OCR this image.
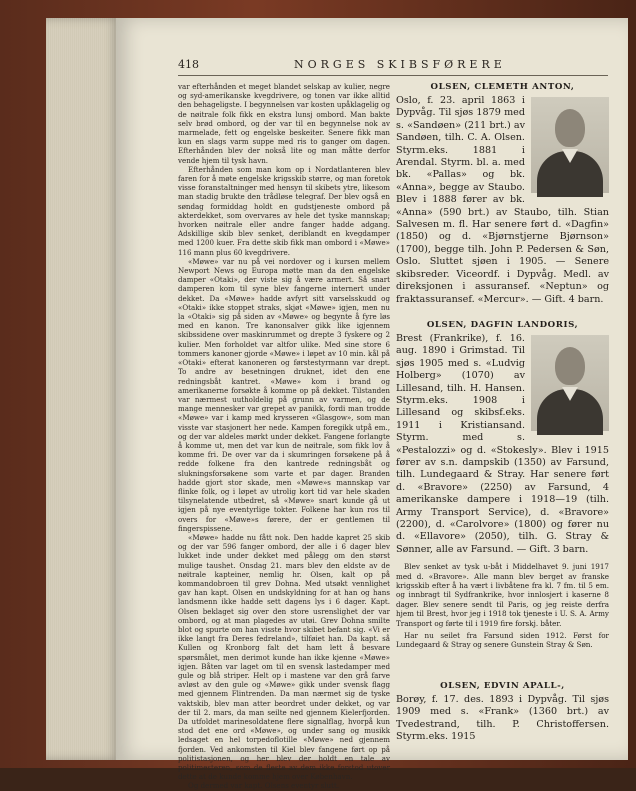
418	NORGES SKIBSFØRERE

var efterhånden et meget blandet selskap av kulier, negre og syd-amerikanske kvegdrivere, og tonen var ikke alltid den behageligste. I begynnelsen var kosten upåklagelig og de nøitrale folk fikk en ekstra lunsj ombord. Man bakte selv brød ombord, og der var til en begynnelse nok av marmelade, fett og engelske beskeiter. Senere fikk man kun en slags varm suppe med ris to ganger om dagen. Efterhånden blev der nokså lite og man måtte derfor vende hjem til tysk havn.

Efterhånden som man kom op i Nordatlanteren blev faren for å møte engelske krigsskib større, og man foretok visse foranstaltninger med hensyn til skibets ytre, likesom man stadig brukte den trådløse telegraf. Der blev også en søndag formiddag holdt en gudstjeneste ombord på akterdekket, som overvares av hele det tyske mannskap; hvorken nøitrale eller andre fanger hadde adgang. Adskillige skib blev senket, deriblandt en kvegdamper med 1200 kuer. Fra dette skib fikk man ombord i «Møwe» 116 mann plus 60 kvegdrivere.

«Møwe» var nu på vei nordover og i kursen mellem Newport News og Europa møtte man da den engelske damper «Otaki», der viste sig å være armert. Så snart damperen kom til syne blev fangerne internert under dekket. Da «Møwe» hadde avfyrt sitt varselsskudd og «Otaki» ikke stoppet straks, skjøt «Møwe» igjen, men nu la «Otaki» sig på siden av «Møwe» og begynte å fyre løs med en kanon. Tre kanonsalver gikk like igjennem skibssidene over maskinrummet og drepte 3 fyskere og 2 kulier. Men forholdet var altfor ulike. Med sine store 6 tommers kanoner gjorde «Møwe» i løpet av 10 min. kål på «Otaki» efterat kanoneren og førstestyrmann var drept. To andre av besetningen druknet, idet den ene redningsbåt kantret. «Møwe» kom i brand og amerikanerne forsøkte å komme op på dekket. Tilstanden var nærmest uutholdelig på grunn av varmen, og de mange mennesker var grepet av panikk, fordi man trodde «Møwe» var i kamp med krysseren «Glasgow», som man visste var stasjonert her nede. Kampen foregikk utpå em., og der var aldeles mørkt under dekket. Fangene forlangte å komme ut, men det var kun de nøitrale, som fikk lov å komme fri. De over var da i skumringen forsøkene på å redde folkene fra den kantrede redningsbåt og slukningsforsøkene som varte et par dager. Branden hadde gjort stor skade, men «Møwe»s mannskap var flinke folk, og i løpet av utrolig kort tid var hele skaden tilsynelatende utbedret, så «Møwe» snart kunde gå ut igjen på nye eventyrlige tokter. Folkene har kun ros til overs for «Møwe»s førere, der er gentlemen til fingerspissene.

«Møwe» hadde nu fått nok. Den hadde kapret 25 skib og der var 596 fanger ombord, der alle i 6 dager blev lukket inde under dekket med pålegg om den størst mulige taushet. Onsdag 21. mars blev den eldste av de nøitrale kapteiner, nemlig hr. Olsen, kalt op på kommandobroen til grev Dohna. Med utsøkt vennlighet gav han kapt. Olsen en undskyldning for at han og hans landsmenn ikke hadde sett dagens lys i 6 dager. Kapt. Olsen beklaget sig over den store usrenslighet der var ombord, og at man plagedes av utøi. Grev Dohna smilte blot og spurte om han visste hvor skibet befant sig. «Vi er ikke langt fra Deres fedreland», tilføiet han. Da kapt. så Kullen og Kronborg falt det ham lett å besvare spørsmålet, men derimot kunde han ikke kjenne «Møwe» igjen. Båten var laget om til en svensk lastedamper med gule og blå striper. Helt op i mastene var den grå farve avløst av den gule og «Møwe» gikk under svensk flagg med gjennem Flintrenden. Da man nærmet sig de tyske vaktskib, blev man atter beordret under dekket, og var der til 2. mars, da man seilte ned gjennem Kielerfjorden. Da utfoldet marinesoldatene flere signalflag, hvorpå kun stod det ene ord «Møwe», og under sang og musikk ledsaget en hel torpedoflotille «Møwe» ned gjennem fjorden. Ved ankomsten til Kiel blev fangene ført op på politistasjonen, og her blev der holdt en tale av politimesteren, som de fleste av dem ikke forstod utover dette at de kunde komme hjem over København.

Og dermed var kapt. Olsens eventyr slutt.

OLSEN, CLEMETH ANTON,
Oslo, f. 23. april 1863 i Dypvåg. Til sjøs 1879 med s. «Sandøen» (211 brt.) av Sandøen, tilh. C. A. Olsen. Styrm.eks. 1881 i Arendal. Styrm. bl. a. med bk. «Pallas» og bk. «Anna», begge av Staubo. Blev i 1888 fører av bk. «Anna» (590 brt.) av Staubo, tilh. Stian Salvesen m. fl. Har senere ført d. «Dagfin» (1850) og d. «Bjørnstjerne Bjørnson» (1700), begge tilh. John P. Pedersen & Søn, Oslo. Sluttet sjøen i 1905. — Senere skibsreder. Viceordf. i Dypvåg. Medl. av direksjonen i assuransef. «Neptun» og fraktassuransef. «Mercur». — Gift. 4 barn.
OLSEN, DAGFIN LANDORIS,
Brest (Frankrike), f. 16. aug. 1890 i Grimstad. Til sjøs 1905 med s. «Ludvig Holberg» (1070) av Lillesand, tilh. H. Hansen. Styrm.eks. 1908 i Lillesand og skibsf.eks. 1911 i Kristiansand. Styrm. med s. «Pestalozzi» og d. «Stokesly». Blev i 1915 fører av s.n. dampskib (1350) av Farsund, tilh. Lundegaard & Stray. Har senere ført d. «Bravore» (2250) av Farsund, 4 amerikanske dampere i 1918—19 (tilh. Army Transport Service), d. «Bravore» (2200), d. «Carolvore» (1800) og fører nu d. «Ellavore» (2050), tilh. G. Stray & Sønner, alle av Farsund. — Gift. 3 barn.

Blev senket av tysk u-båt i Middelhavet 9. juni 1917 med d. «Bravore». Alle mann blev berget av franske krigsskib efter å ha vært i livbåtene fra kl. 7 fm. til 5 em. og innbragt til Sydfrankrike, hvor innlosjert i kaserne 8 dager. Blev senere sendt til Paris, og jeg reiste derfra hjem til Brest, hvor jeg i 1918 tok tjeneste i U. S. A. Army Transport og førte til i 1919 fire forskj. båter.

Har nu seilet fra Farsund siden 1912. Først for Lundegaard & Stray og senere Gunstein Stray & Søn.

OLSEN, EDVIN APALL-,
Borøy, f. 17. des. 1893 i Dypvåg. Til sjøs 1909 med s. «Frank» (1360 brt.) av Tvedestrand, tilh. P. Christoffersen. Styrm.eks. 1915
